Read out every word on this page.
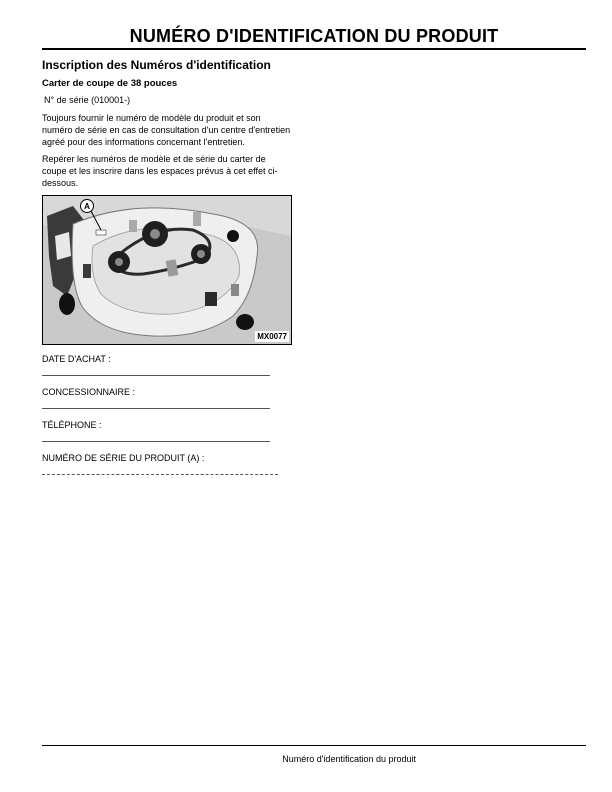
NUMÉRO D'IDENTIFICATION DU PRODUIT
Inscription des Numéros d'identification
Carter de coupe de 38 pouces
N° de série (010001-)
Toujours fournir le numéro de modèle du produit et son numéro de série en cas de consultation d'un centre d'entretien agréé pour des informations concernant l'entretien.
Repérer les numéros de modèle et de série du carter de coupe et les inscrire dans les espaces prévus à cet effet ci-dessous.
A
MX0077
DATE D'ACHAT :
CONCESSIONNAIRE :
TÉLÉPHONE :
NUMÉRO DE SÉRIE DU PRODUIT (A) :
Numéro d'identification du produit
